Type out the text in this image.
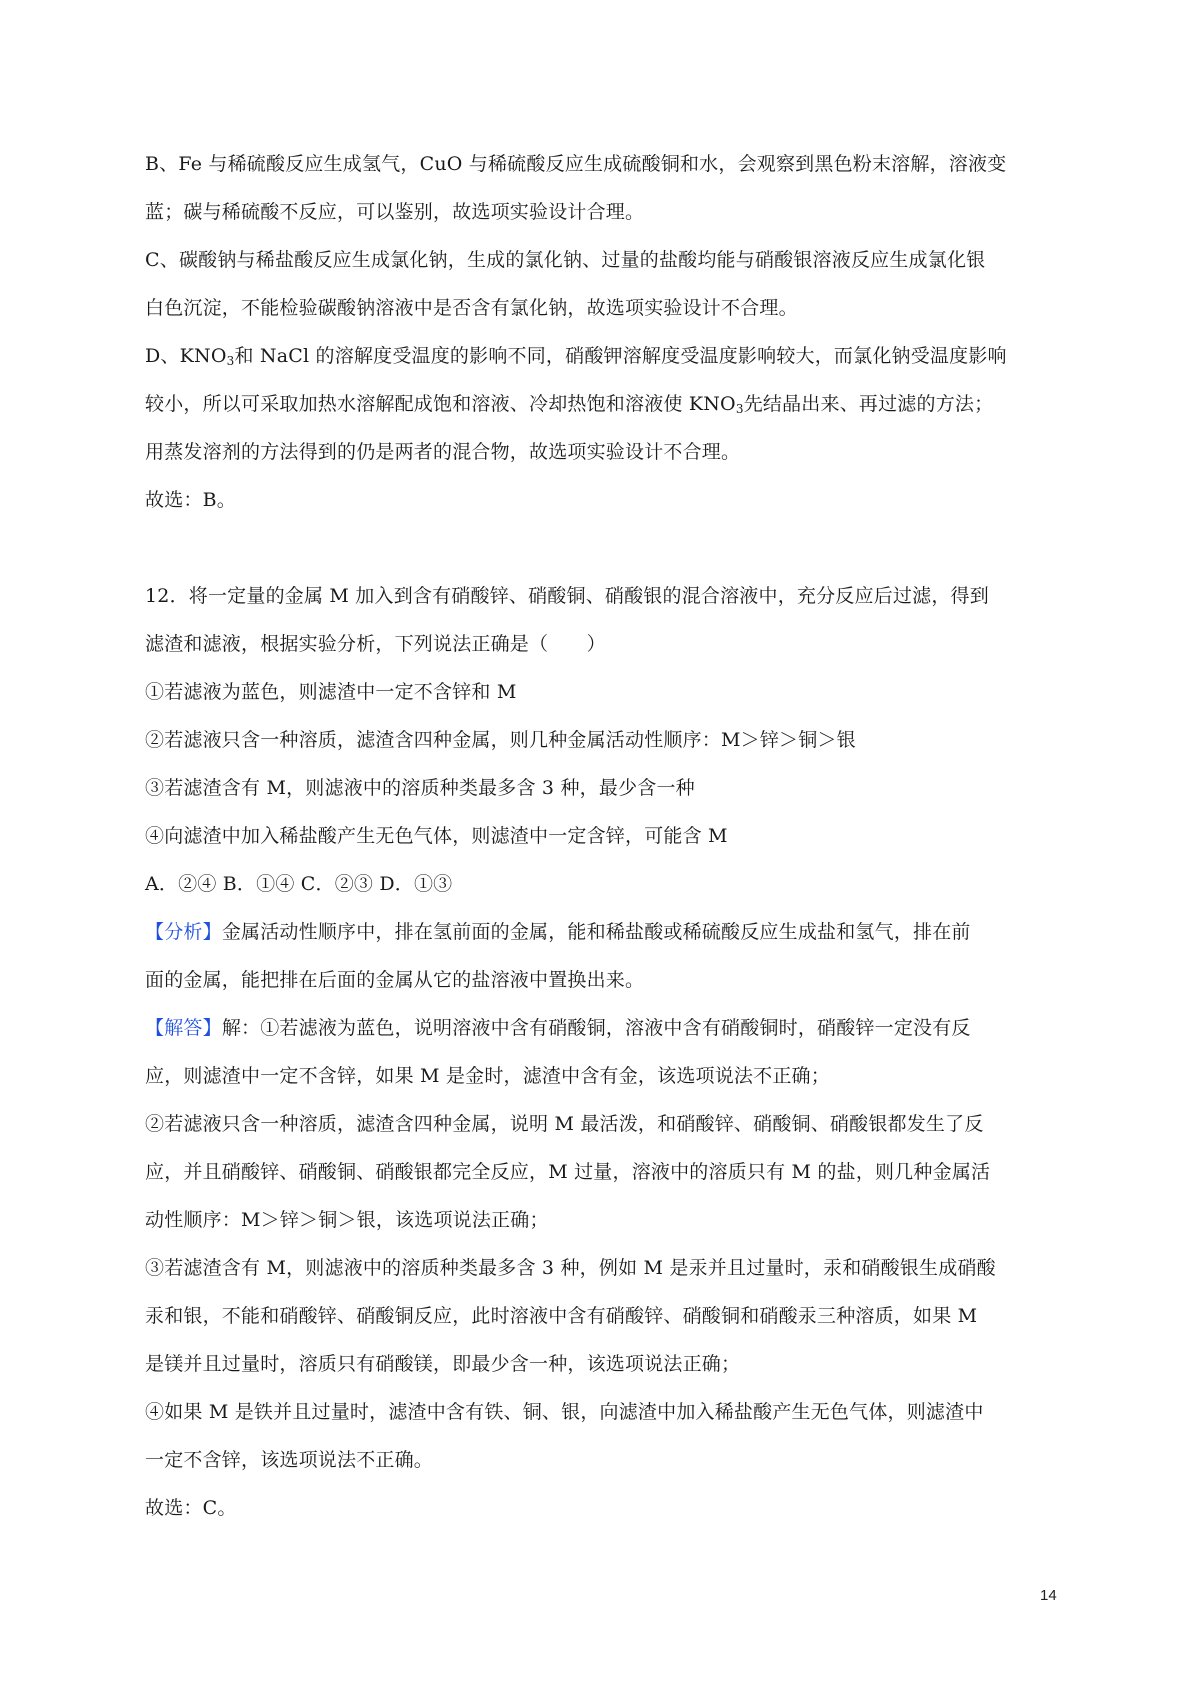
B、Fe 与稀硫酸反应生成氢气，CuO 与稀硫酸反应生成硫酸铜和水，会观察到黑色粉末溶解，溶液变

蓝；碳与稀硫酸不反应，可以鉴别，故选项实验设计合理。

C、碳酸钠与稀盐酸反应生成氯化钠，生成的氯化钠、过量的盐酸均能与硝酸银溶液反应生成氯化银

白色沉淀，不能检验碳酸钠溶液中是否含有氯化钠，故选项实验设计不合理。

D、$KNO_3$和 NaCl 的溶解度受温度的影响不同，硝酸钾溶解度受温度影响较大，而氯化钠受温度影响

较小，所以可采取加热水溶解配成饱和溶液、冷却热饱和溶液使 $KNO_3$先结晶出来、再过滤的方法；

用蒸发溶剂的方法得到的仍是两者的混合物，故选项实验设计不合理。

故选：B。

12．将一定量的金属 M 加入到含有硝酸锌、硝酸铜、硝酸银的混合溶液中，充分反应后过滤，得到

滤渣和滤液，根据实验分析，下列说法正确是（　　）

①若滤液为蓝色，则滤渣中一定不含锌和 M

②若滤液只含一种溶质，滤渣含四种金属，则几种金属活动性顺序：M＞锌＞铜＞银

③若滤渣含有 M，则滤液中的溶质种类最多含 3 种，最少含一种

④向滤渣中加入稀盐酸产生无色气体，则滤渣中一定含锌，可能含 M

A．②④ B．①④ C．②③ D．①③

【分析】金属活动性顺序中，排在氢前面的金属，能和稀盐酸或稀硫酸反应生成盐和氢气，排在前

面的金属，能把排在后面的金属从它的盐溶液中置换出来。

【解答】解：①若滤液为蓝色，说明溶液中含有硝酸铜，溶液中含有硝酸铜时，硝酸锌一定没有反

应，则滤渣中一定不含锌，如果 M 是金时，滤渣中含有金，该选项说法不正确；

②若滤液只含一种溶质，滤渣含四种金属，说明 M 最活泼，和硝酸锌、硝酸铜、硝酸银都发生了反

应，并且硝酸锌、硝酸铜、硝酸银都完全反应，M 过量，溶液中的溶质只有 M 的盐，则几种金属活

动性顺序：M＞锌＞铜＞银，该选项说法正确；

③若滤渣含有 M，则滤液中的溶质种类最多含 3 种，例如 M 是汞并且过量时，汞和硝酸银生成硝酸

汞和银，不能和硝酸锌、硝酸铜反应，此时溶液中含有硝酸锌、硝酸铜和硝酸汞三种溶质，如果 M

是镁并且过量时，溶质只有硝酸镁，即最少含一种，该选项说法正确；

④如果 M 是铁并且过量时，滤渣中含有铁、铜、银，向滤渣中加入稀盐酸产生无色气体，则滤渣中

一定不含锌，该选项说法不正确。

故选：C。

14
